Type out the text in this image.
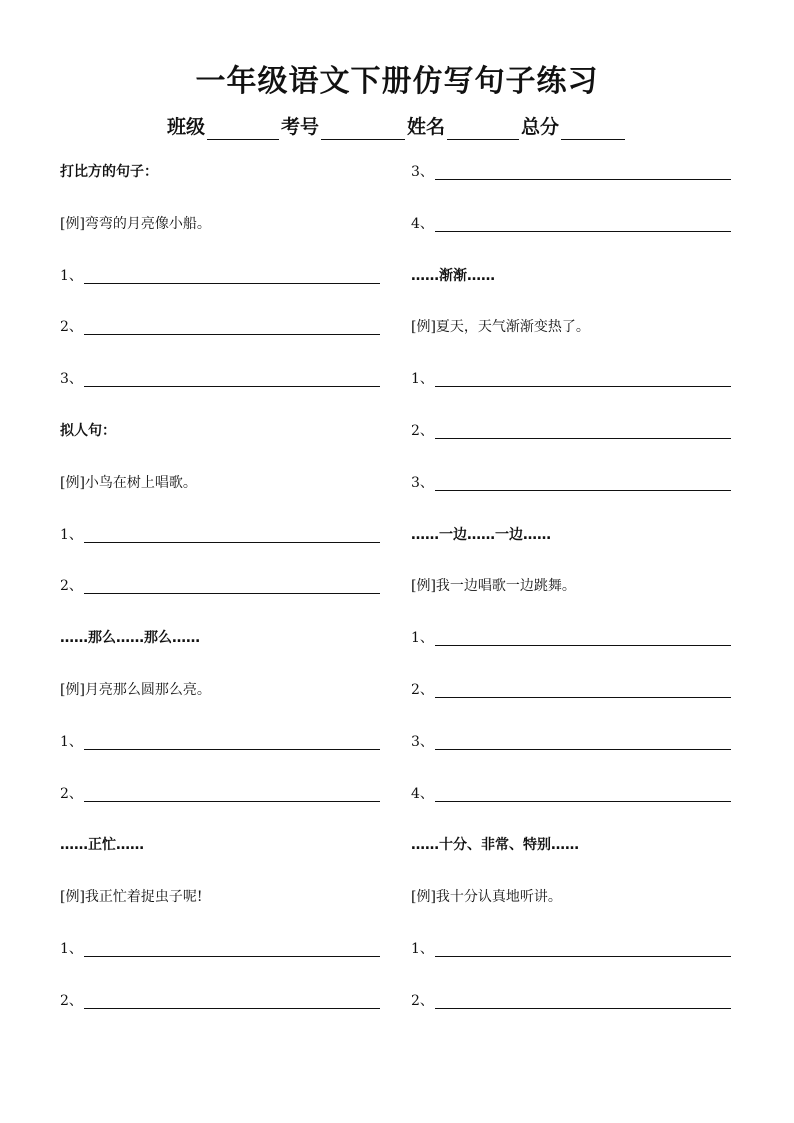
一年级语文下册仿写句子练习
班级	考号	姓名	总分
打比方的句子：
[例]弯弯的月亮像小船。
1、
2、
3、
拟人句：
[例]小鸟在树上唱歌。
1、
2、
……那么……那么……
[例]月亮那么圆那么亮。
1、
2、
……正忙……
[例]我正忙着捉虫子呢!
1、
2、
3、
4、
……渐渐……
[例]夏天，天气渐渐变热了。
1、
2、
3、
……一边……一边……
[例]我一边唱歌一边跳舞。
1、
2、
3、
4、
……十分、非常、特别……
[例]我十分认真地听讲。
1、
2、
